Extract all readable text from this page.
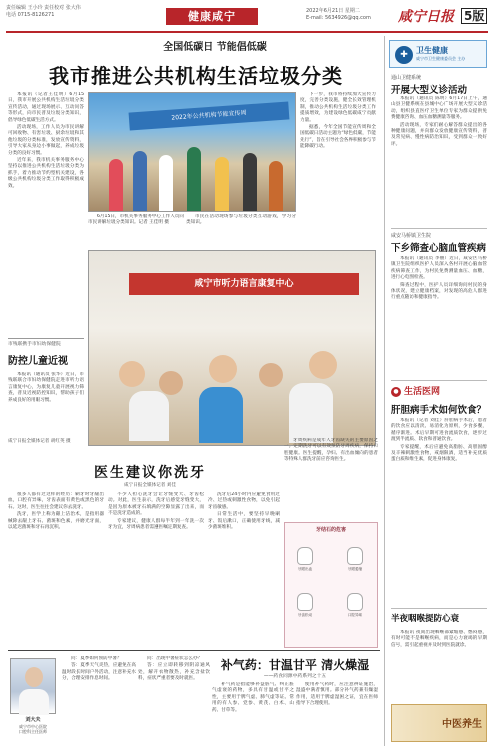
责任编辑 王小玲 责任校对 张大伟
电话 0715-8126271	健康咸宁	2022年6月21日 星期二
E-mail: 5634926@qq.com	咸宁日报 5版
全国低碳日 节能倡低碳
我市推进公共机构生活垃圾分类

本报讯（记者王佳明）6月15日，我市开展公共机构生活垃圾分类宣传活动，通过现场展示、互动问答等形式，向市民普及垃圾分类知识，倡导绿色低碳生活方式。

活动现场，工作人员为市民讲解可回收物、有害垃圾、厨余垃圾和其他垃圾的分类标准，发放宣传资料，引导大家从身边小事做起，养成垃圾分类的良好习惯。

近年来，我市机关事务服务中心坚持以推进公共机构生活垃圾分类为抓手，着力推动节约型机关建设，各级公共机构垃圾分类工作取得积极成效。

2022年公共机构节能宣传周

6月15日，市机关事务服务中心工作人员向市民讲解垃圾分类知识。记者 王佳明 摄

市民在活动现场参与垃圾分类互动游戏，学习分类知识。

下一步，我市将持续加大宣传力度，完善分类设施，健全长效管理机制，推动公共机构生活垃圾分类工作提质增效，为建设绿色低碳咸宁贡献力量。

据悉，今年全国节能宣传周和全国低碳日活动主题为“绿色低碳，节能先行”，旨在引导社会各界积极参与节能降碳行动。

咸宁市听力语言康复中心
市残联携手市妇幼保健院
防控儿童近视

本报讯（通讯员 张华）近日，市残联联合市妇幼保健院走进市听力语言康复中心，为康复儿童开展视力筛查，普及近视防控知识，帮助孩子们养成良好的用眼习惯。

咸宁日报全媒体记者 胡红英 摄
医生建议你洗牙
咸宁日报全媒体记者 刘佳

很多人都有过这样的经历：刷牙时牙龈出血，口腔有异味，牙齿表面有黄色或黑色的牙石。这时，医生往往会建议你去洗牙。

洗牙，医学上称为龈上洁治术，是指用器械除去龈上牙石、菌斑和色素，并磨光牙面，以延迟菌斑和牙石再沉积。

不少人担心洗牙会让牙缝变大、牙齿松动。对此，医生表示，洗牙后感觉牙缝变大，是因为原本被牙石填满的空隙显露了出来，而不是洗牙造成的。

专家建议，健康人群每半年到一年洗一次牙为宜，牙周病患者需遵医嘱定期复查。

洗牙后24小时内应避免食用过冷、过热或刺激性食物，以免引起牙齿敏感。

日常生活中，要坚持早晚刷牙、饭后漱口，正确使用牙线，减少菌斑堆积。

牙周疾病是成年人牙齿缺失的主要原因之一。定期洗牙可以有效预防牙周疾病，保持口腔健康。医生提醒，孕妇、有出血倾向的患者等特殊人群洗牙前应咨询医生。

牙结石的危害
牙龈出血	牙龈萎缩
牙齿松动	口腔异味
刘大夫
咸宁市中心医院
口腔科主任医师

问：夏季如何预防中暑？

答：夏季天气炎热，应避免在高温时段长时间户外活动，注意补充水分，合理安排作息时间。

问：出现中暑症状怎么办？

答：应立即转移到阴凉通风处，解开衣物散热，补充含盐饮料，症状严重者要及时就医。

补气药：甘温甘平 清火燥湿
——药食同源中药系列之十五

补气药是指能够补益脏气、纠正脏气虚衰的药物，多具有甘温或甘平之性，主要用于脾气虚、肺气虚等证。常用的有人参、党参、黄芪、白术、山药、甘草等。

使用补气药时，应注意辨证施治，湿盛中满者慎用。部分补气药兼有燥湿作用，适用于脾虚湿困之证，宜在医师指导下合理使用。

✚	卫生健康
咸宁市卫生健康委员会 主办
通山卫健系统
开展大型义诊活动

本报讯（通讯员 陈明）6月17日上午，通山县卫健系统在县城中心广场开展大型义诊活动，组织县直医疗卫生单位专家为群众提供免费健康咨询、血压血糖测量等服务。

活动现场，专家们耐心解答群众提出的各种健康问题，并向群众发放健康宣传资料，普及常见病、慢性病防治知识，受到群众一致好评。

咸安马桥镇卫生院
下乡筛查心脑血管疾病

本报讯（通讯员 李丽）近日，咸安区马桥镇卫生院组织医护人员深入各村开展心脑血管疾病筛查工作，为村民免费测量血压、血糖，进行心电图检查。

筛查过程中，医护人员详细询问村民的身体状况，建立健康档案，对发现的高危人群进行重点随访和健康指导。

● 生活医网
肝胆病手术如何饮食？

本报讯（记者 刘佳）肝胆病手术后，患者的饮食应以清淡、易消化为原则，少食多餐，循序渐进。术后早期可进食流质饮食，逐步过渡到半流质、软食和普通饮食。

专家提醒，术后应避免高脂肪、高胆固醇及辛辣刺激性食物，戒烟限酒，适当补充优质蛋白质和维生素，促进身体康复。

半夜咽喉提防心衰

本报讯 夜间出现咽喉部紧缩感、憋闷感，有时可能不是咽喉疾病，而是心力衰竭的早期信号，需引起重视并及时到医院就诊。

中医养生
